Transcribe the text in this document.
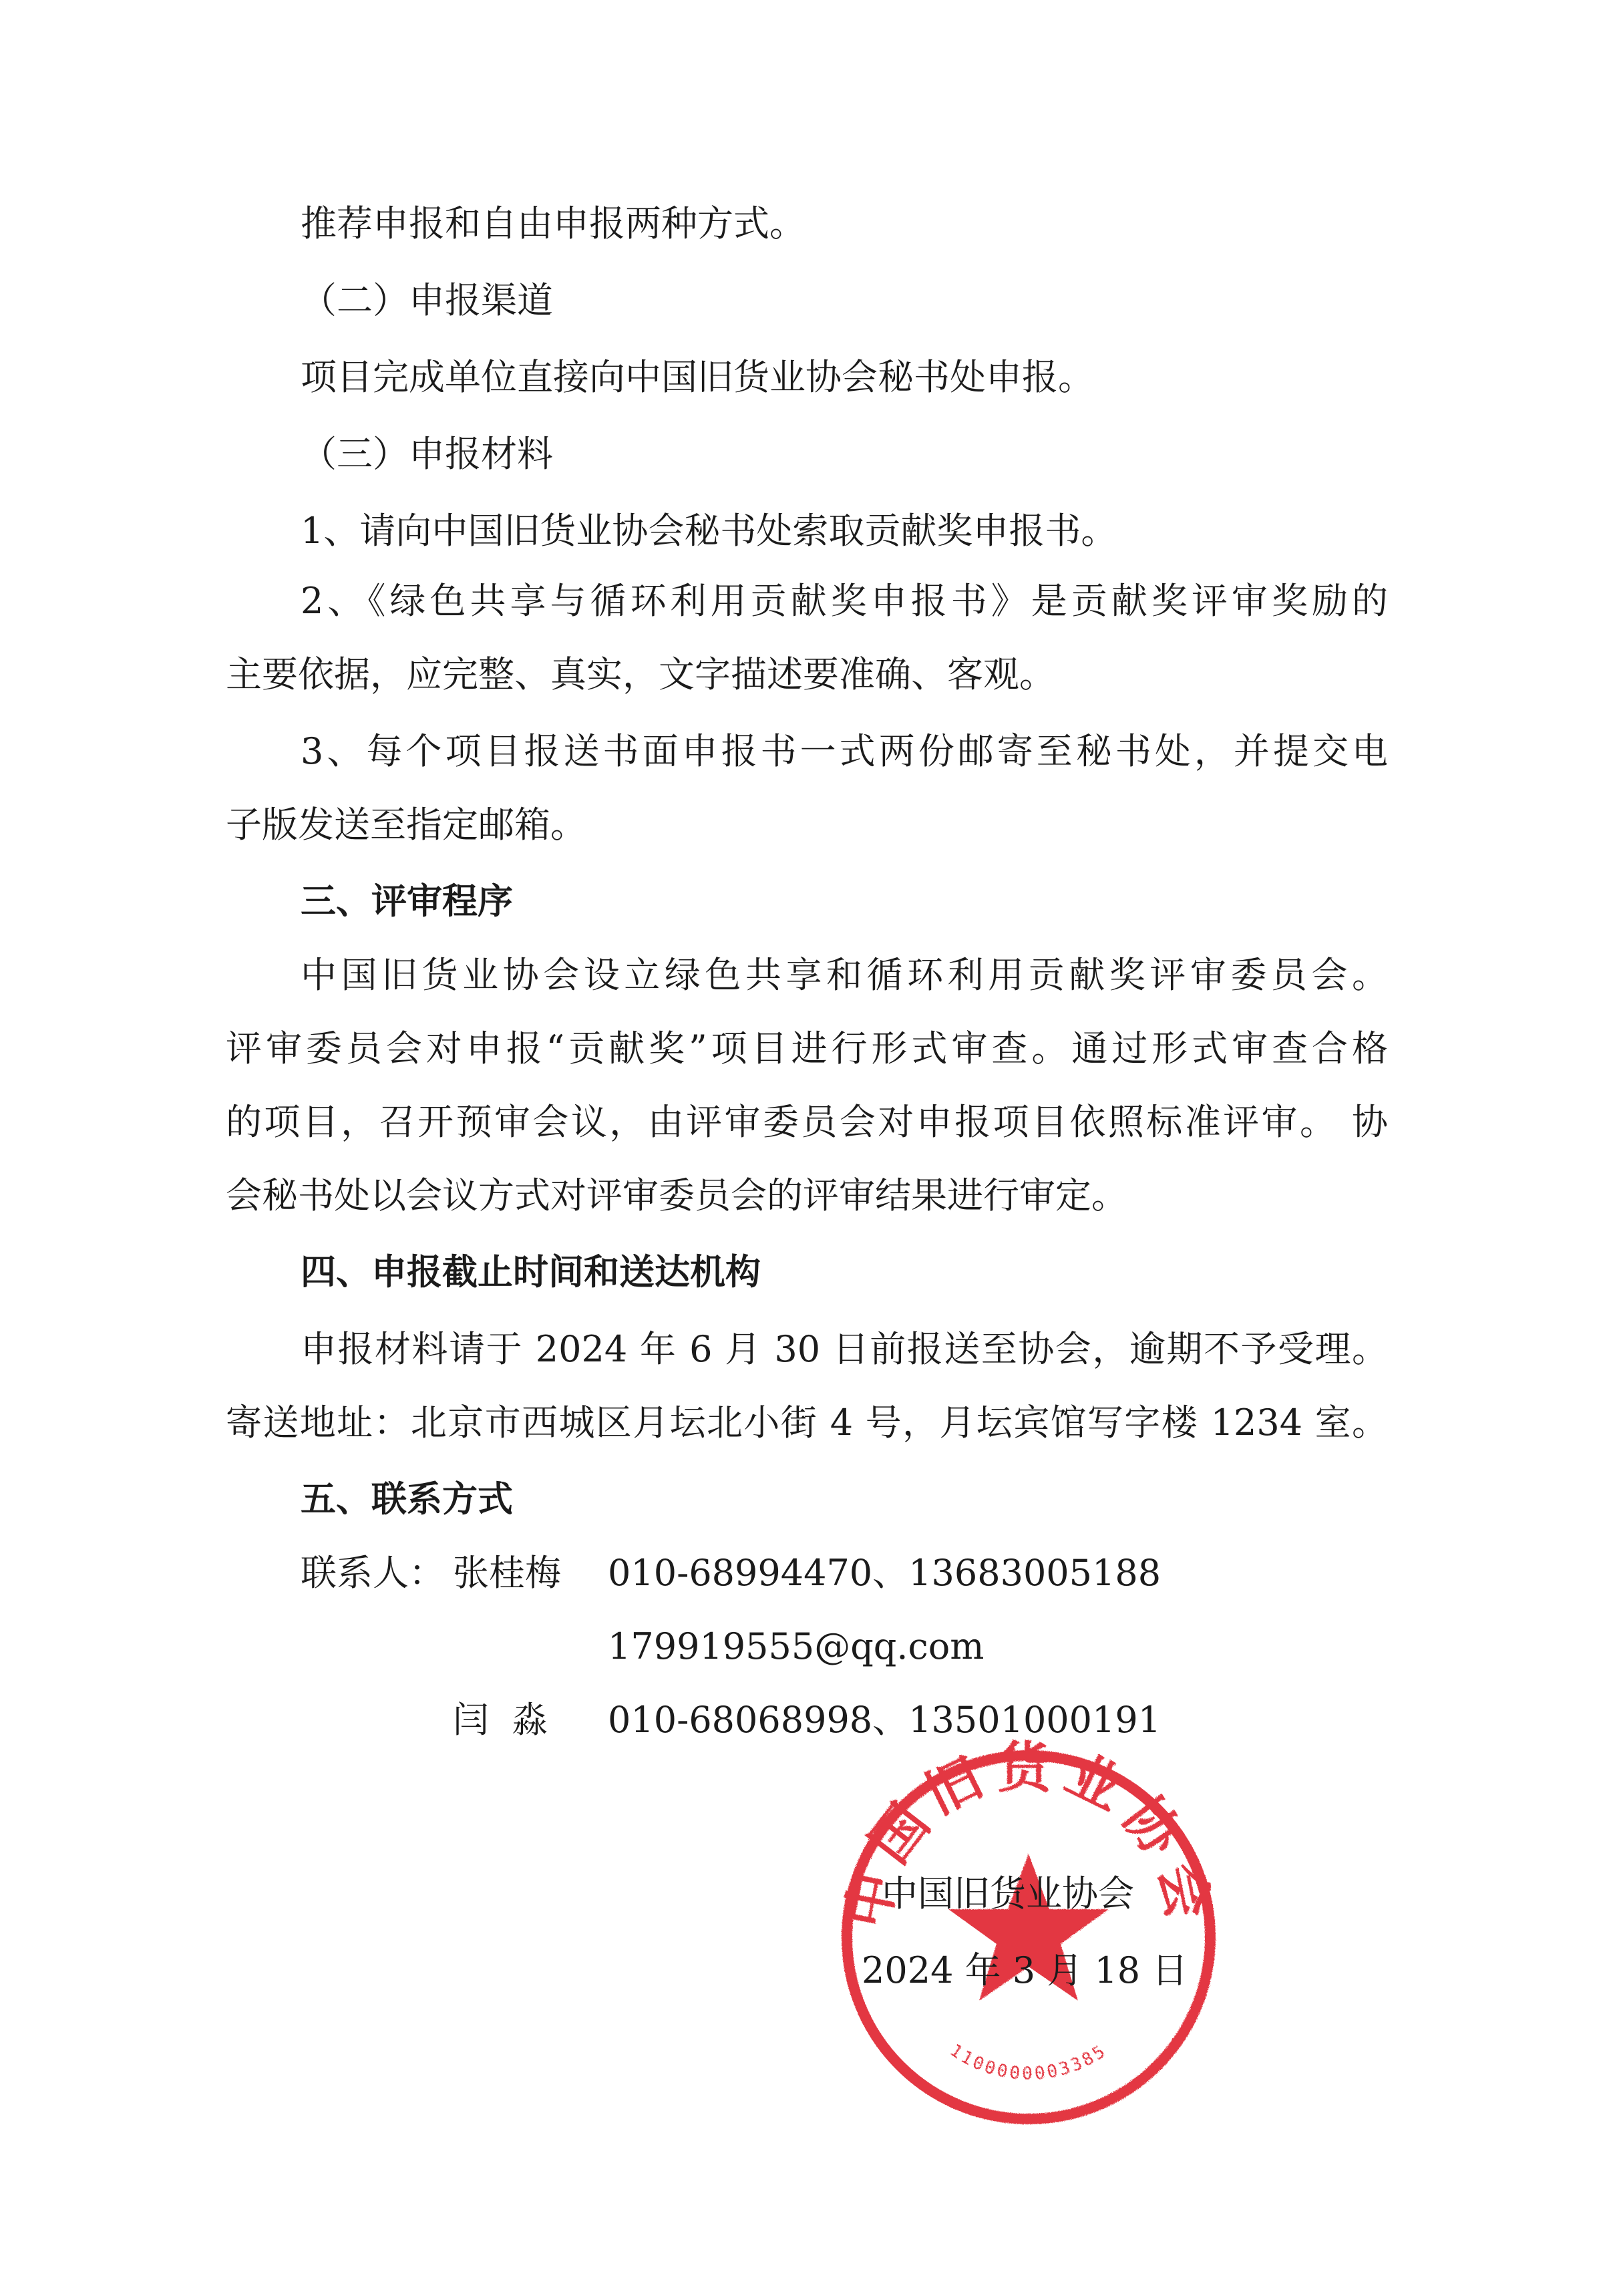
推荐申报和自由申报两种方式。
（二）申报渠道
项目完成单位直接向中国旧货业协会秘书处申报。
（三）申报材料
1、请向中国旧货业协会秘书处索取贡献奖申报书。
2、《绿色共享与循环利用贡献奖申报书》是贡献奖评审奖励的
主要依据，应完整、真实，文字描述要准确、客观。
3、每个项目报送书面申报书一式两份邮寄至秘书处，并提交电
子版发送至指定邮箱。
三、评审程序
中国旧货业协会设立绿色共享和循环利用贡献奖评审委员会。
评审委员会对申报“贡献奖”项目进行形式审查。通过形式审查合格
的项目，召开预审会议，由评审委员会对申报项目依照标准评审。 协
会秘书处以会议方式对评审委员会的评审结果进行审定。
四、申报截止时间和送达机构
申报材料请于 2024 年 6 月 30 日前报送至协会，逾期不予受理。
寄送地址：北京市西城区月坛北小街 4 号，月坛宾馆写字楼 1234 室。
五、联系方式
联系人： 张桂梅 010-68994470、13683005188
179919555@qq.com
闫  淼 010-68068998、13501000191
中国旧货业协会
1100000003385
中国旧货业协会
2024 年 3 月 18 日
